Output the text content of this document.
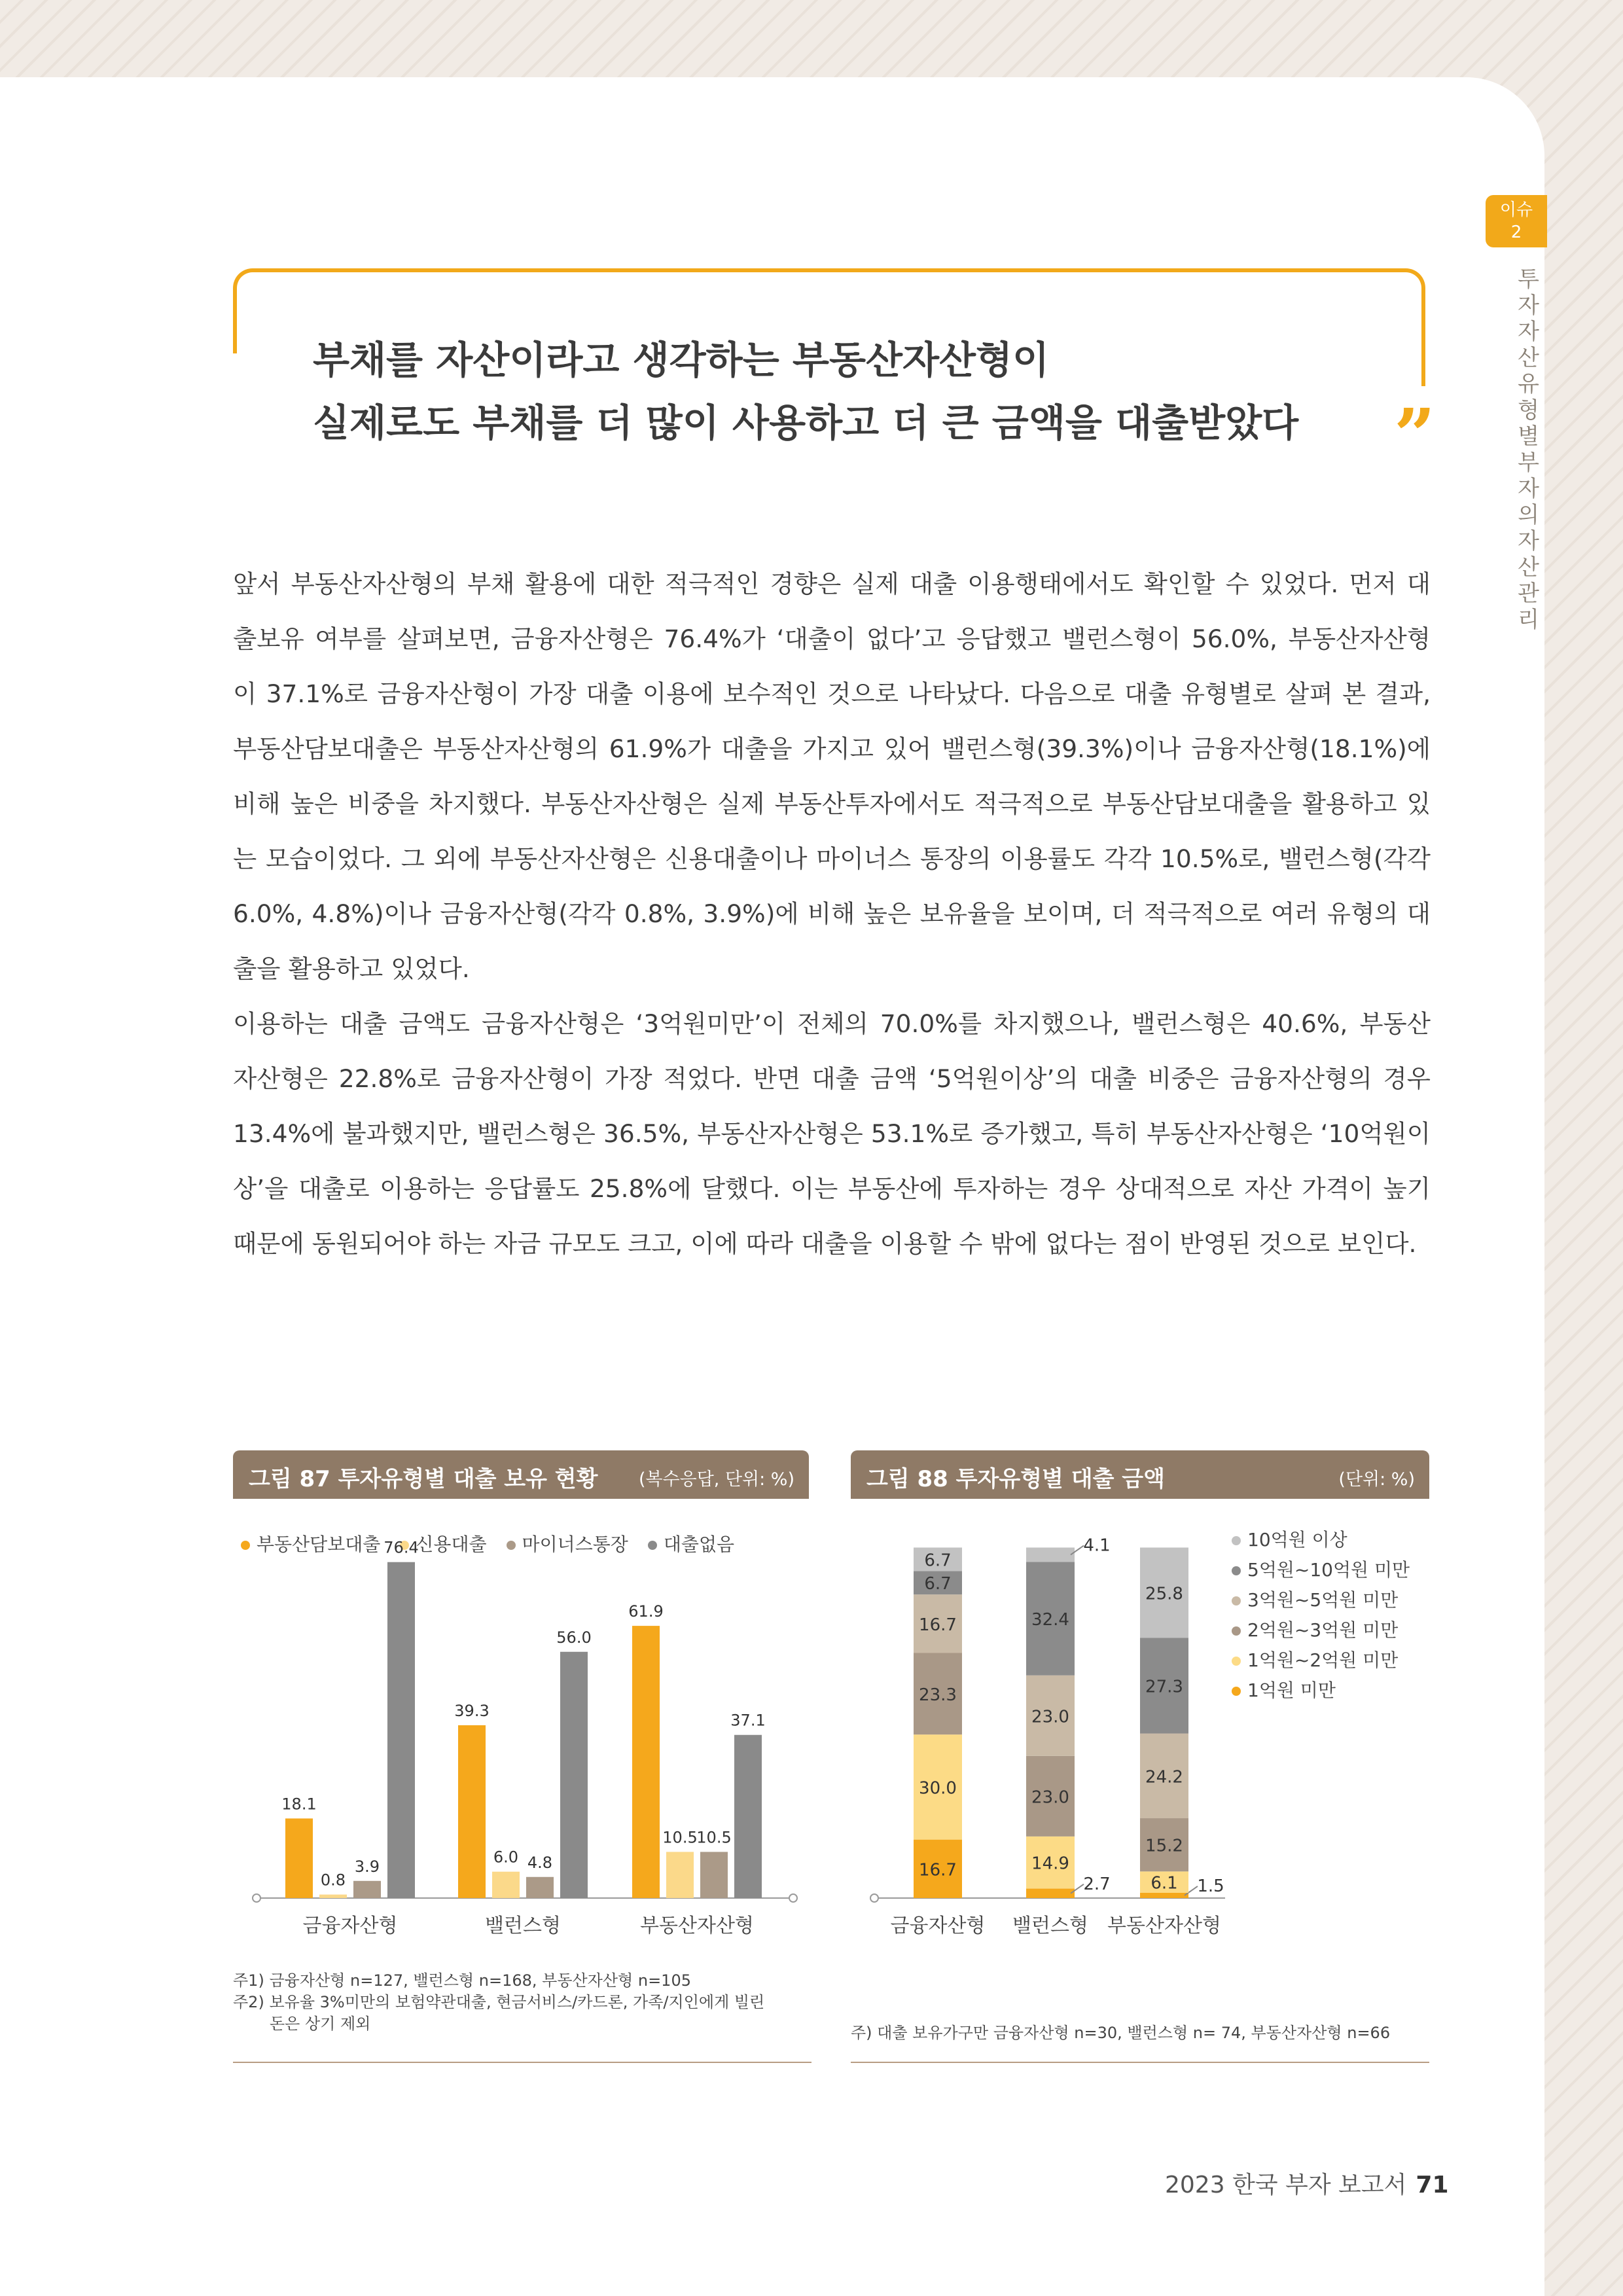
이슈
2
투자자산유형별부자의자산관리
”
부채를 자산이라고 생각하는 부동산자산형이
실제로도 부채를 더 많이 사용하고 더 큰 금액을 대출받았다
앞서 부동산자산형의 부채 활용에 대한 적극적인 경향은 실제 대출 이용행태에서도 확인할 수 있었다. 먼저 대
출보유 여부를 살펴보면, 금융자산형은 76.4%가 ‘대출이 없다’고 응답했고 밸런스형이 56.0%, 부동산자산형
이 37.1%로 금융자산형이 가장 대출 이용에 보수적인 것으로 나타났다. 다음으로 대출 유형별로 살펴 본 결과,
부동산담보대출은 부동산자산형의 61.9%가 대출을 가지고 있어 밸런스형(39.3%)이나 금융자산형(18.1%)에
비해 높은 비중을 차지했다. 부동산자산형은 실제 부동산투자에서도 적극적으로 부동산담보대출을 활용하고 있
는 모습이었다. 그 외에 부동산자산형은 신용대출이나 마이너스 통장의 이용률도 각각 10.5%로, 밸런스형(각각
6.0%, 4.8%)이나 금융자산형(각각 0.8%, 3.9%)에 비해 높은 보유율을 보이며, 더 적극적으로 여러 유형의 대
출을 활용하고 있었다.
이용하는 대출 금액도 금융자산형은 ‘3억원미만’이 전체의 70.0%를 차지했으나, 밸런스형은 40.6%, 부동산
자산형은 22.8%로 금융자산형이 가장 적었다. 반면 대출 금액 ‘5억원이상’의 대출 비중은 금융자산형의 경우
13.4%에 불과했지만, 밸런스형은 36.5%, 부동산자산형은 53.1%로 증가했고, 특히 부동산자산형은 ‘10억원이
상’을 대출로 이용하는 응답률도 25.8%에 달했다. 이는 부동산에 투자하는 경우 상대적으로 자산 가격이 높기
때문에 동원되어야 하는 자금 규모도 크고, 이에 따라 대출을 이용할 수 밖에 없다는 점이 반영된 것으로 보인다.
그림 87 투자유형별 대출 보유 현황 (복수응답, 단위: %)
부동산담보대출 신용대출 마이너스통장 대출없음
18.1
0.8
3.9
76.4
금융자산형
39.3
6.0 4.8
56.0
밸런스형
61.9
10.5
10.5
37.1
부동산자산형
주1) 금융자산형 n=127, 밸런스형 n=168, 부동산자산형 n=105
주2) 보유율 3%미만의 보험약관대출, 현금서비스/카드론, 가족/지인에게 빌린
돈은 상기 제외
그림 88 투자유형별 대출 금액	(단위: %)
16.7
30.0
23.3
16.7
6.7
6.7
금융자산형
2.7
14.9
23.0
23.0
32.4
4.1
밸런스형
1.5
6.1
15.2
24.2
27.3
25.8
부동산자산형
10억원 이상
5억원~10억원 미만
3억원~5억원 미만
2억원~3억원 미만
1억원~2억원 미만
1억원 미만
주) 대출 보유가구만 금융자산형 n=30, 밸런스형 n= 74, 부동산자산형 n=66
2023 한국 부자 보고서 71
